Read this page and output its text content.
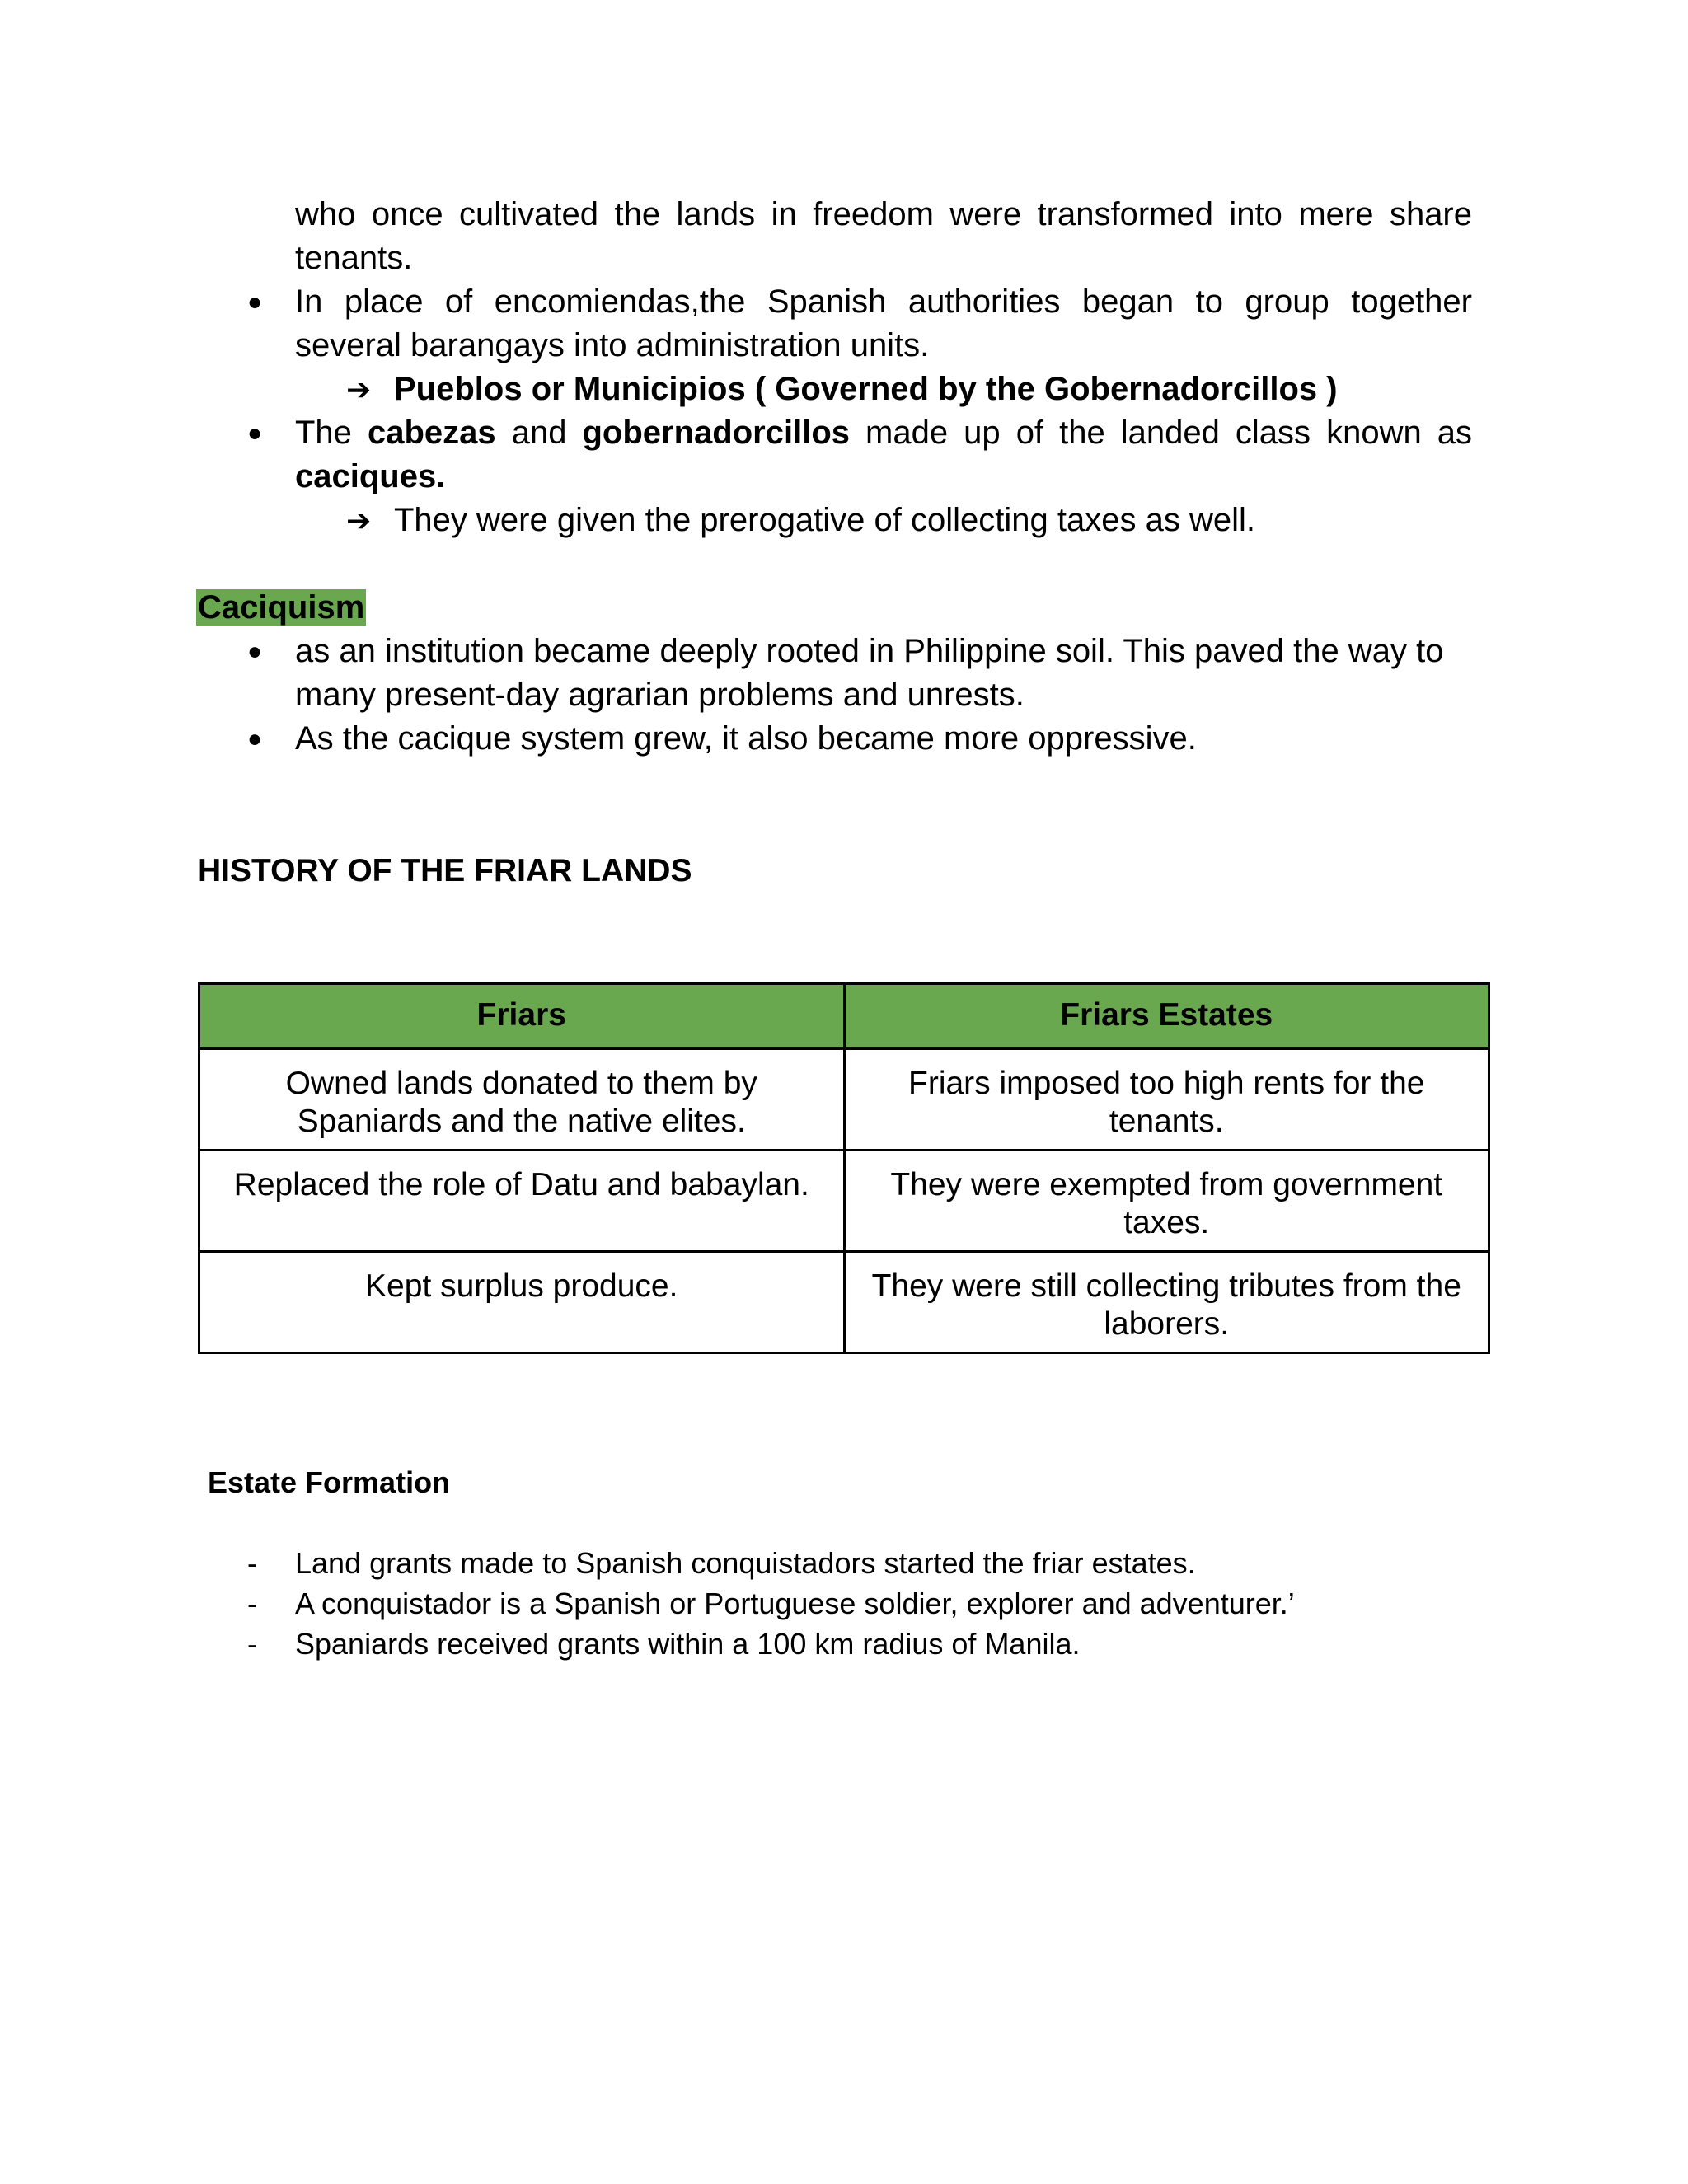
who once cultivated the lands in freedom were transformed into mere share tenants.
● In place of encomiendas,the Spanish authorities began to group together several barangays into administration units.
➔ Pueblos or Municipios ( Governed by the Gobernadorcillos )
● The cabezas and gobernadorcillos made up of the landed class known as caciques.
➔ They were given the prerogative of collecting taxes as well.
Caciquism
● as an institution became deeply rooted in Philippine soil. This paved the way to many present-day agrarian problems and unrests.
● As the cacique system grew, it also became more oppressive.
HISTORY OF THE FRIAR LANDS
Friars	Friars Estates
Owned lands donated to them by Spaniards and the native elites.	Friars imposed too high rents for the tenants.
Replaced the role of Datu and babaylan.	They were exempted from government taxes.
Kept surplus produce.	They were still collecting tributes from the laborers.
Estate Formation
- Land grants made to Spanish conquistadors started the friar estates.
- A conquistador is a Spanish or Portuguese soldier, explorer and adventurer.’
- Spaniards received grants within a 100 km radius of Manila.
